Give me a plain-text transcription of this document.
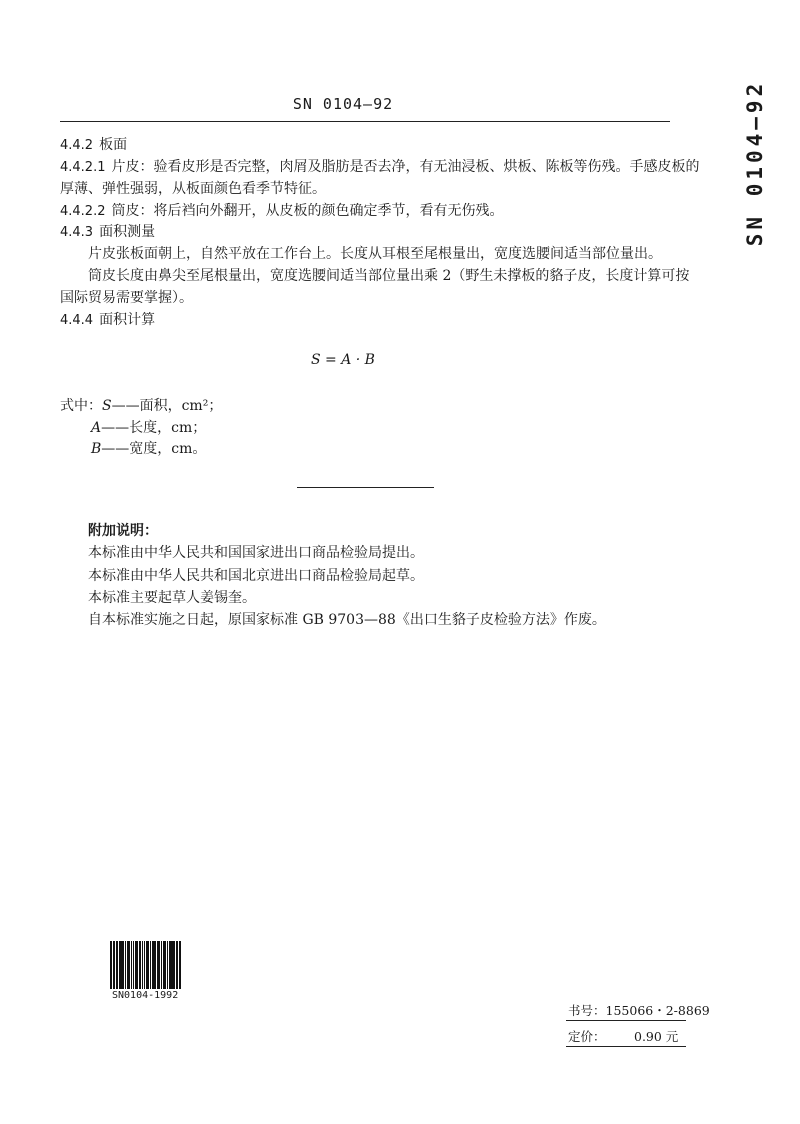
SN 0104—92	SN 0104—92
4.4.2 板面
4.4.2.1 片皮：验看皮形是否完整，肉屑及脂肪是否去净，有无油浸板、烘板、陈板等伤残。手感皮板的
厚薄、弹性强弱，从板面颜色看季节特征。
4.4.2.2 筒皮：将后裆向外翻开，从皮板的颜色确定季节，看有无伤残。
4.4.3 面积测量
片皮张板面朝上，自然平放在工作台上。长度从耳根至尾根量出，宽度选腰间适当部位量出。
筒皮长度由鼻尖至尾根量出，宽度选腰间适当部位量出乘 2（野生未撑板的貉子皮，长度计算可按
国际贸易需要掌握）。
4.4.4 面积计算
S = A · B
式中：S——面积，cm²；
A——长度，cm；
B——宽度，cm。
附加说明：
本标准由中华人民共和国国家进出口商品检验局提出。
本标准由中华人民共和国北京进出口商品检验局起草。
本标准主要起草人姜锡奎。
自本标准实施之日起，原国家标准 GB 9703—88《出口生貉子皮检验方法》作废。
SN0104-1992
书号：155066・2-8869
定价： 0.90 元
